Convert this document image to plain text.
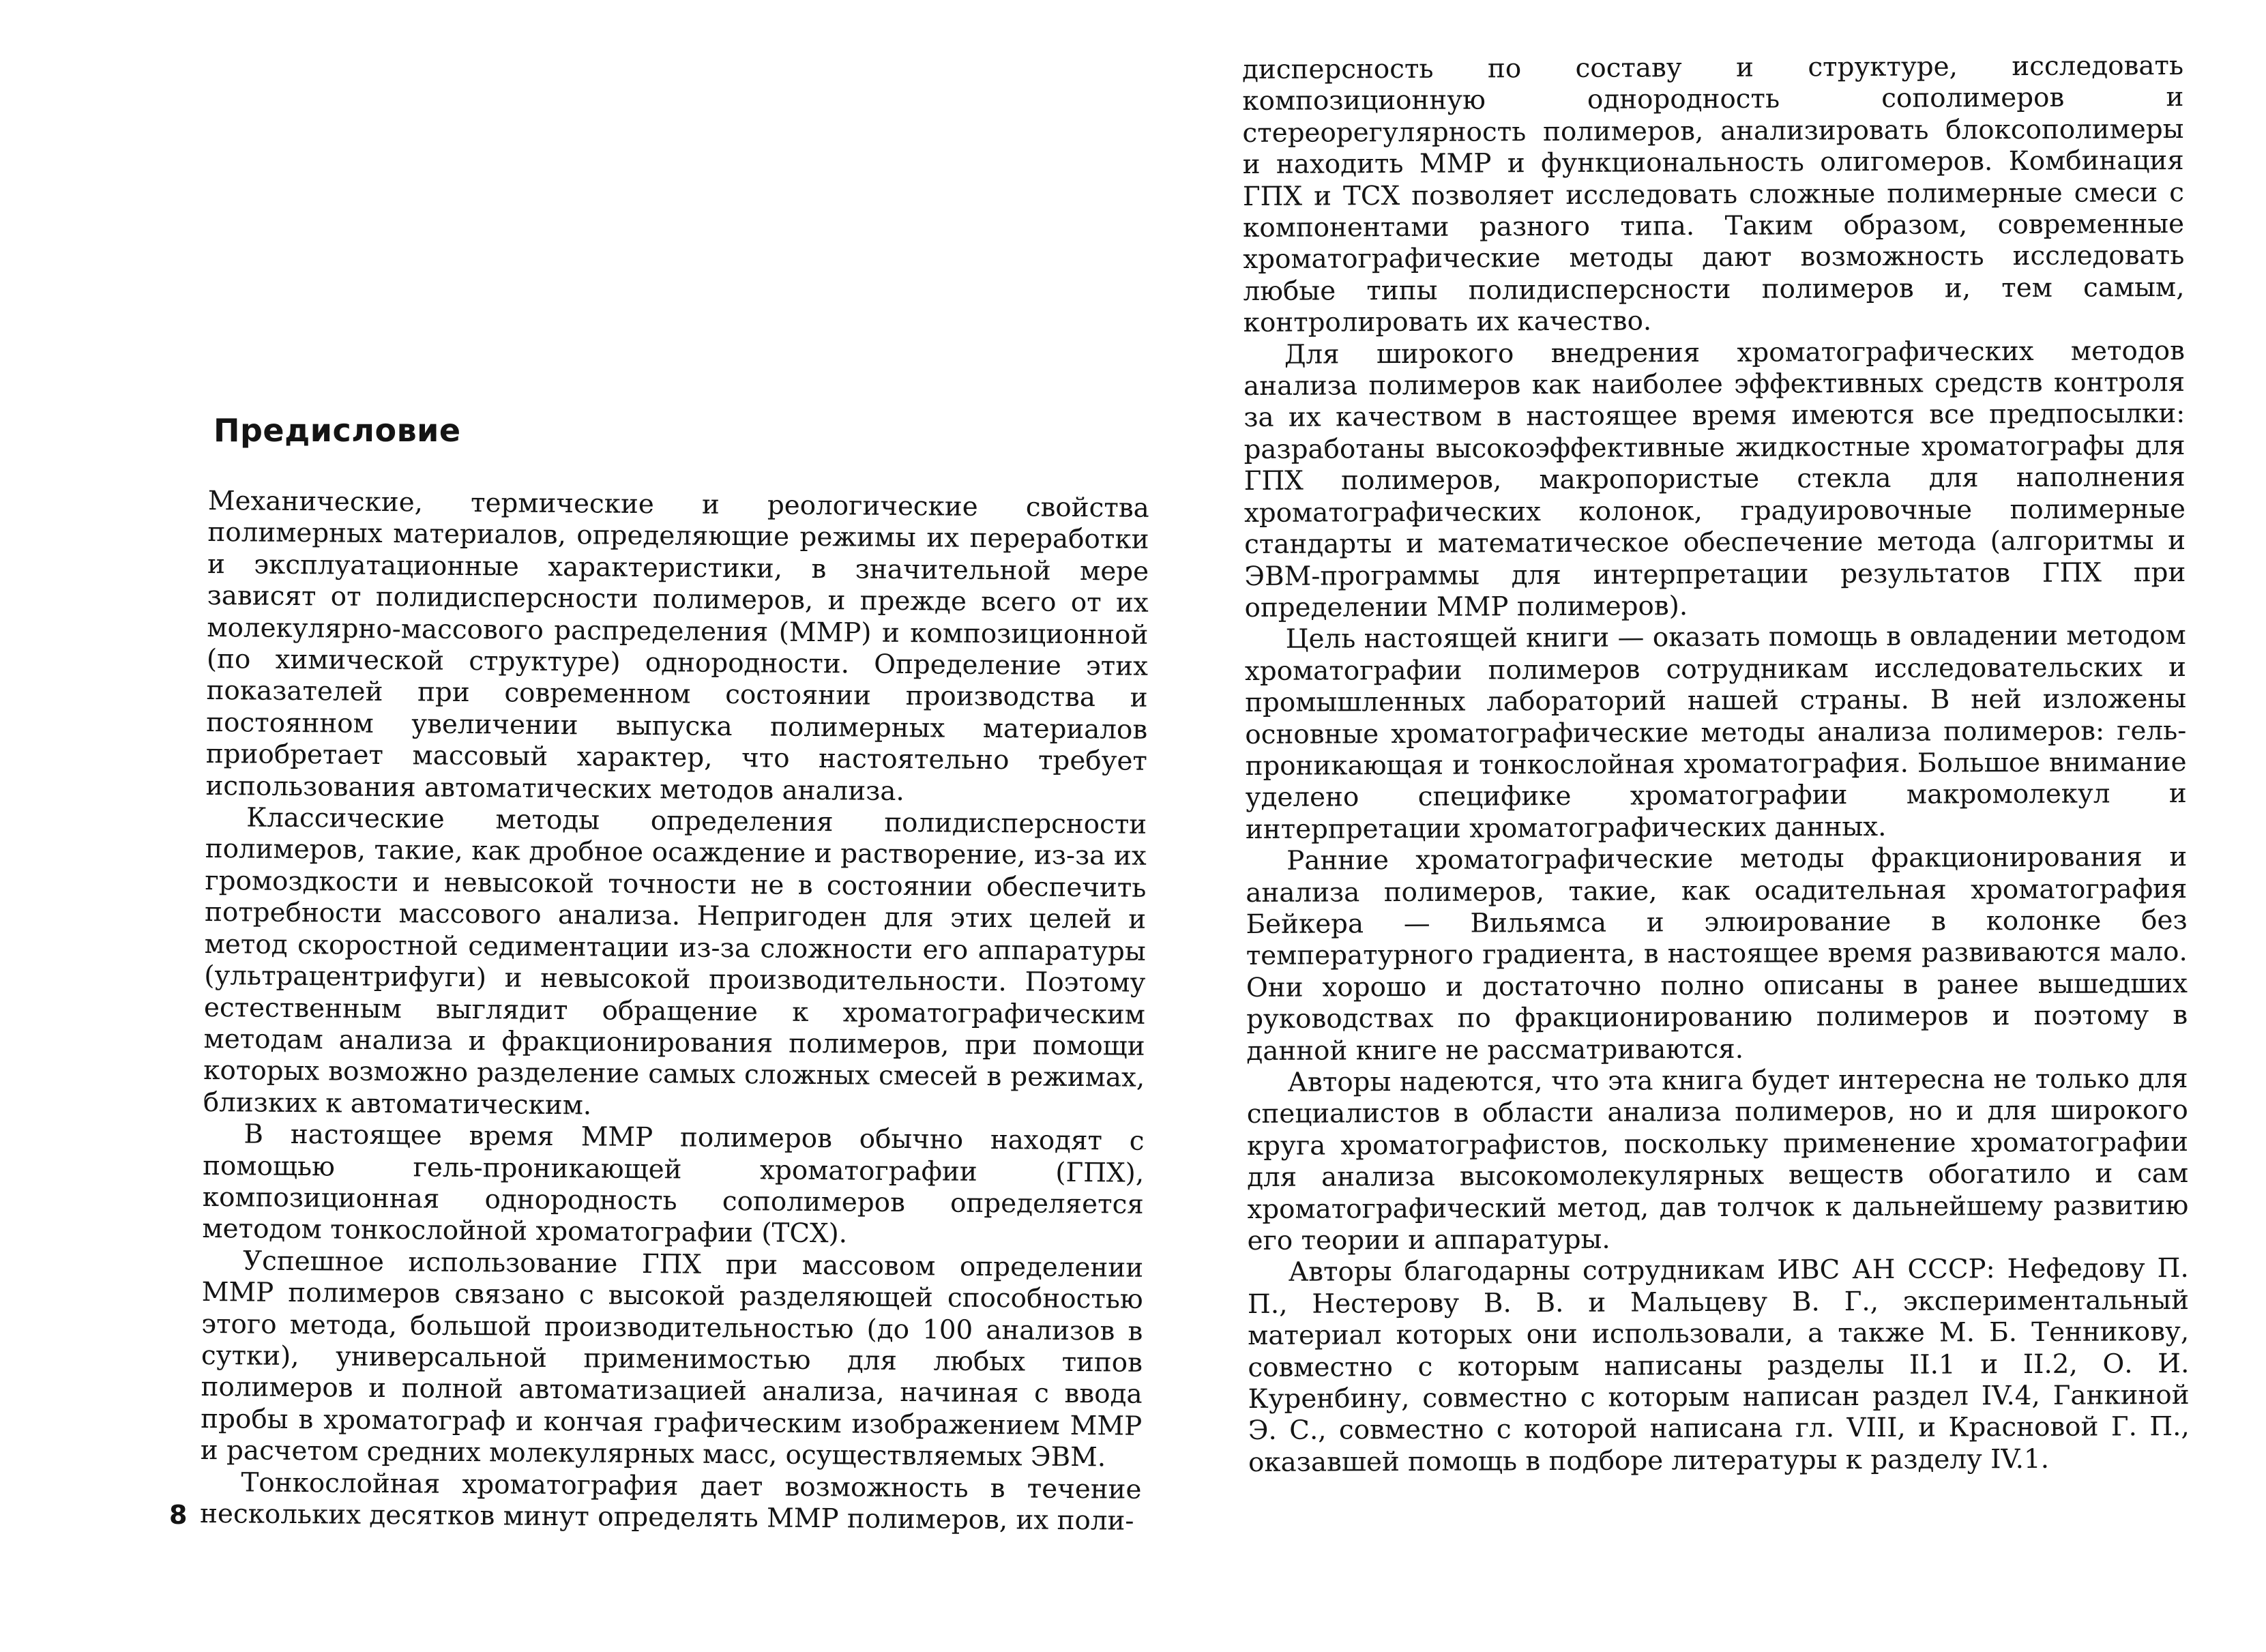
Предисловие

Механические, термические и реологические свойства полимерных материалов, определяющие режимы их переработки и эксплуатационные характеристики, в значительной мере зависят от полидисперсности полимеров, и прежде всего от их молекулярно-массового распределения (ММР) и композиционной (по химической структуре) однородности. Определение этих показателей при современном состоянии производства и постоянном увеличении выпуска полимерных материалов приобретает массовый характер, что настоятельно требует использования автоматических методов анализа.

Классические методы определения полидисперсности полимеров, такие, как дробное осаждение и растворение, из-за их громоздкости и невысокой точности не в состоянии обеспечить потребности массового анализа. Непригоден для этих целей и метод скоростной седиментации из-за сложности его аппаратуры (ультрацентрифуги) и невысокой производительности. Поэтому естественным выглядит обращение к хроматографическим методам анализа и фракционирования полимеров, при помощи которых возможно разделение самых сложных смесей в режимах, близких к автоматическим.

В настоящее время ММР полимеров обычно находят с помощью гель-проникающей хроматографии (ГПХ), композиционная однородность сополимеров определяется методом тонкослойной хроматографии (ТСХ).

Успешное использование ГПХ при массовом определении ММР полимеров связано с высокой разделяющей способностью этого метода, большой производительностью (до 100 анализов в сутки), универсальной применимостью для любых типов полимеров и полной автоматизацией анализа, начиная с ввода пробы в хроматограф и кончая графическим изображением ММР и расчетом средних молекулярных масс, осуществляемых ЭВМ.

Тонкослойная хроматография дает возможность в течение нескольких десятков минут определять ММР полимеров, их поли-

8

дисперсность по составу и структуре, исследовать композиционную однородность сополимеров и стереорегулярность полимеров, анализировать блоксополимеры и находить ММР и функциональность олигомеров. Комбинация ГПХ и ТСХ позволяет исследовать сложные полимерные смеси с компонентами разного типа. Таким образом, современные хроматографические методы дают возможность исследовать любые типы полидисперсности полимеров и, тем самым, контролировать их качество.

Для широкого внедрения хроматографических методов анализа полимеров как наиболее эффективных средств контроля за их качеством в настоящее время имеются все предпосылки: разработаны высокоэффективные жидкостные хроматографы для ГПХ полимеров, макропористые стекла для наполнения хроматографических колонок, градуировочные полимерные стандарты и математическое обеспечение метода (алгоритмы и ЭВМ-программы для интерпретации результатов ГПХ при определении ММР полимеров).

Цель настоящей книги — оказать помощь в овладении методом хроматографии полимеров сотрудникам исследовательских и промышленных лабораторий нашей страны. В ней изложены основные хроматографические методы анализа полимеров: гель-проникающая и тонкослойная хроматография. Большое внимание уделено специфике хроматографии макромолекул и интерпретации хроматографических данных.

Ранние хроматографические методы фракционирования и анализа полимеров, такие, как осадительная хроматография Бейкера — Вильямса и элюирование в колонке без температурного градиента, в настоящее время развиваются мало. Они хорошо и достаточно полно описаны в ранее вышедших руководствах по фракционированию полимеров и поэтому в данной книге не рассматриваются.

Авторы надеются, что эта книга будет интересна не только для специалистов в области анализа полимеров, но и для широкого круга хроматографистов, поскольку применение хроматографии для анализа высокомолекулярных веществ обогатило и сам хроматографический метод, дав толчок к дальнейшему развитию его теории и аппаратуры.

Авторы благодарны сотрудникам ИВС АН СССР: Нефедову П. П., Нестерову В. В. и Мальцеву В. Г., экспериментальный материал которых они использовали, а также М. Б. Тенникову, совместно с которым написаны разделы II.1 и II.2, О. И. Куренбину, совместно с которым написан раздел IV.4, Ганкиной Э. С., совместно с которой написана гл. VIII, и Красновой Г. П., оказавшей помощь в подборе литературы к разделу IV.1.
